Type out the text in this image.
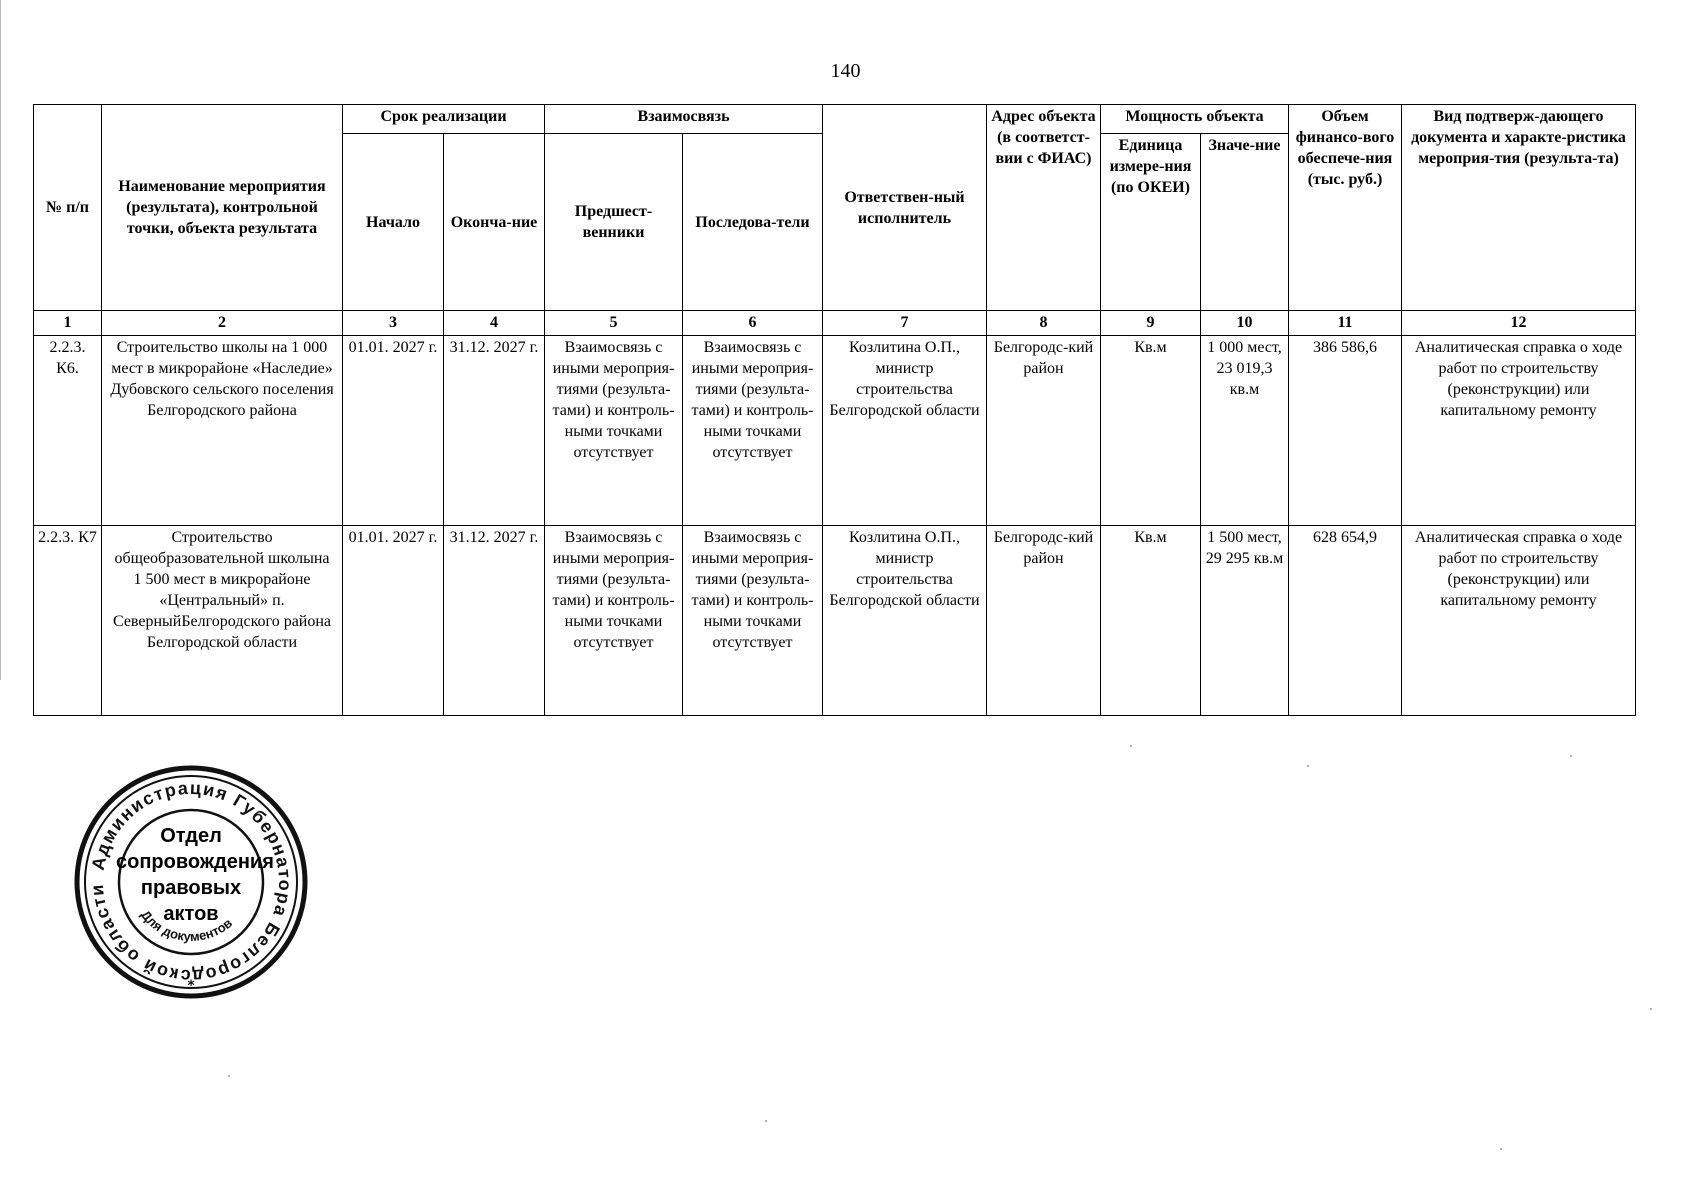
140
№ п/п	Наименование мероприятия (результата), контрольной точки, объекта результата	Срок реализации		Взаимосвязь		Ответствен-ный исполнитель	Адрес объекта (в соответст-вии с ФИАС)	Мощность объекта		Объем финансо-вого обеспече-ния (тыс. руб.)	Вид подтверж-дающего документа и характе-ристика мероприя-тия (результа-та)
		Начало	Оконча-ние	Предшест-венники	Последова-тели			Единица измере-ния (по ОКЕИ)	Значе-ние		
1	2	3	4	5	6	7	8	9	10	11	12
2.2.3. К6.	Строительство школы на 1 000 мест в микрорайоне «Наследие» Дубовского сельского поселения Белгородского района	01.01. 2027 г.	31.12. 2027 г.	Взаимосвязь с иными мероприя-тиями (результа-тами) и контроль-ными точками отсутствует	Взаимосвязь с иными мероприя-тиями (результа-тами) и контроль-ными точками отсутствует	Козлитина О.П., министр строительства Белгородской области	Белгородс-кий район	Кв.м	1 000 мест, 23 019,3 кв.м	386 586,6	Аналитическая справка о ходе работ по строительству (реконструкции) или капитальному ремонту
2.2.3. К7	Строительство общеобразовательной школына 1 500 мест в микрорайоне «Центральный» п. СеверныйБелгородского района Белгородской области	01.01. 2027 г.	31.12. 2027 г.	Взаимосвязь с иными мероприя-тиями (результа-тами) и контроль-ными точками отсутствует	Взаимосвязь с иными мероприя-тиями (результа-тами) и контроль-ными точками отсутствует	Козлитина О.П., министр строительства Белгородской области	Белгородс-кий район	Кв.м	1 500 мест, 29 295 кв.м	628 654,9	Аналитическая справка о ходе работ по строительству (реконструкции) или капитальному ремонту
Администрация Губернатора Белгородской области
Для документов
*
Отдел сопровождения правовых актов
